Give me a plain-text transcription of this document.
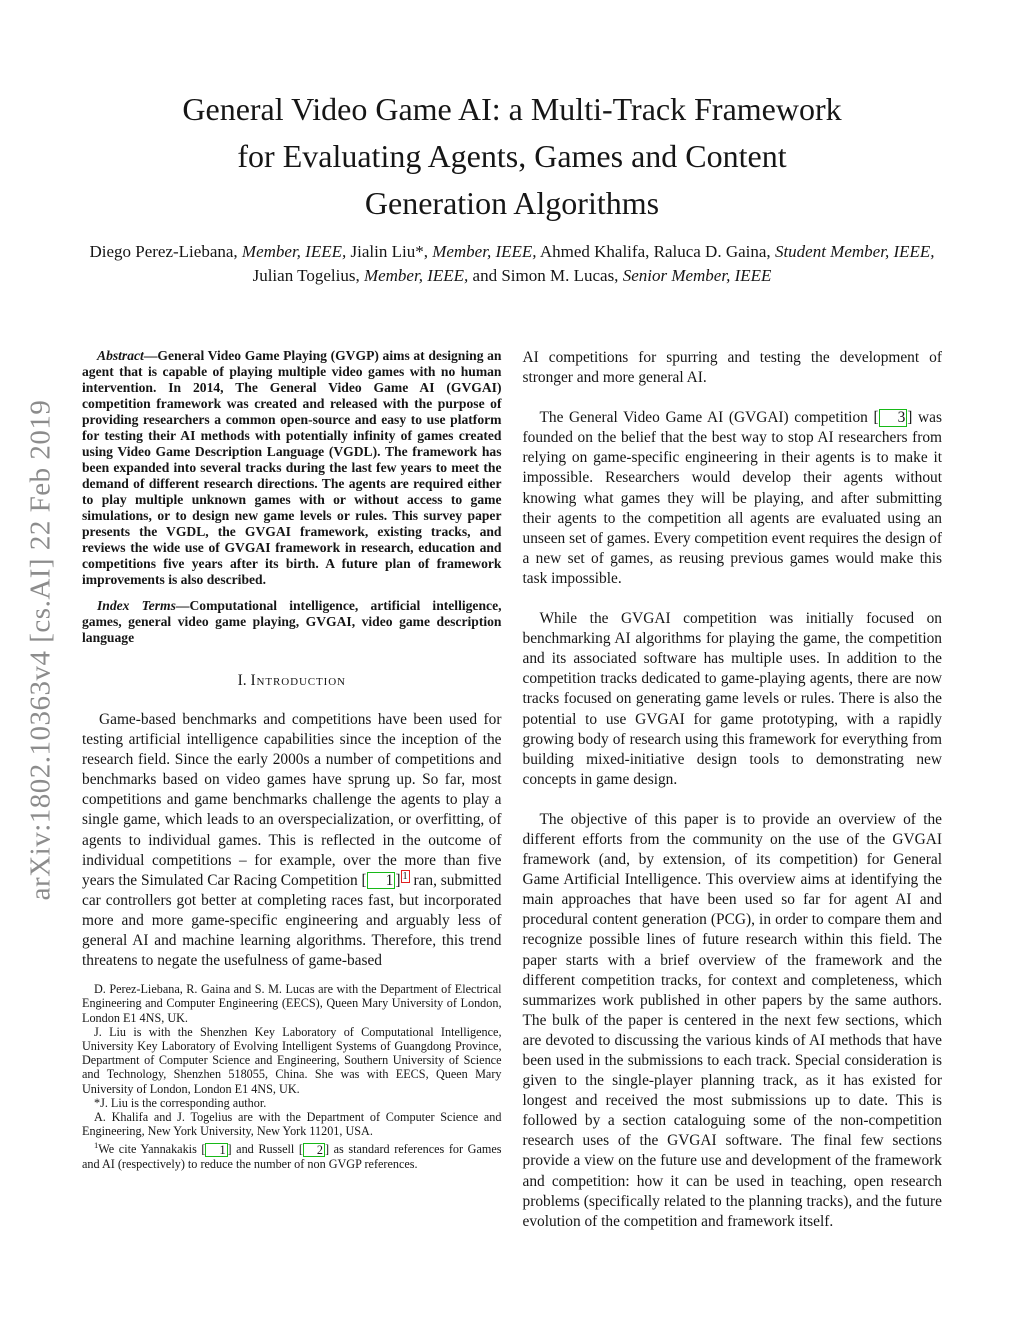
arXiv:1802.10363v4 [cs.AI] 22 Feb 2019
General Video Game AI: a Multi-Track Framework
for Evaluating Agents, Games and Content
Generation Algorithms

Diego Perez-Liebana, Member, IEEE, Jialin Liu*, Member, IEEE, Ahmed Khalifa, Raluca D. Gaina, Student Member, IEEE, Julian Togelius, Member, IEEE, and Simon M. Lucas, Senior Member, IEEE

Abstract—General Video Game Playing (GVGP) aims at designing an agent that is capable of playing multiple video games with no human intervention. In 2014, The General Video Game AI (GVGAI) competition framework was created and released with the purpose of providing researchers a common open-source and easy to use platform for testing their AI methods with potentially infinity of games created using Video Game Description Language (VGDL). The framework has been expanded into several tracks during the last few years to meet the demand of different research directions. The agents are required either to play multiple unknown games with or without access to game simulations, or to design new game levels or rules. This survey paper presents the VGDL, the GVGAI framework, existing tracks, and reviews the wide use of GVGAI framework in research, education and competitions five years after its birth. A future plan of framework improvements is also described.

Index Terms—Computational intelligence, artificial intelligence, games, general video game playing, GVGAI, video game description language

I. Introduction

Game-based benchmarks and competitions have been used for testing artificial intelligence capabilities since the inception of the research field. Since the early 2000s a number of competitions and benchmarks based on video games have sprung up. So far, most competitions and game benchmarks challenge the agents to play a single game, which leads to an overspecialization, or overfitting, of agents to individual games. This is reflected in the outcome of individual competitions – for example, over the more than five years the Simulated Car Racing Competition [ 1 ] $^1$ ran, submitted car controllers got better at completing races fast, but incorporated more and more game-specific engineering and arguably less of general AI and machine learning algorithms. Therefore, this trend threatens to negate the usefulness of game-based

D. Perez-Liebana, R. Gaina and S. M. Lucas are with the Department of Electrical Engineering and Computer Engineering (EECS), Queen Mary University of London, London E1 4NS, UK.

J. Liu is with the Shenzhen Key Laboratory of Computational Intelligence, University Key Laboratory of Evolving Intelligent Systems of Guangdong Province, Department of Computer Science and Engineering, Southern University of Science and Technology, Shenzhen 518055, China. She was with EECS, Queen Mary University of London, London E1 4NS, UK.

*J. Liu is the corresponding author.

A. Khalifa and J. Togelius are with the Department of Computer Science and Engineering, New York University, New York 11201, USA.

$^1$We cite Yannakakis [ 1 ] and Russell [ 2 ] as standard references for Games and AI (respectively) to reduce the number of non GVGP references.

AI competitions for spurring and testing the development of stronger and more general AI.

The General Video Game AI (GVGAI) competition [ 3 ] was founded on the belief that the best way to stop AI researchers from relying on game-specific engineering in their agents is to make it impossible. Researchers would develop their agents without knowing what games they will be playing, and after submitting their agents to the competition all agents are evaluated using an unseen set of games. Every competition event requires the design of a new set of games, as reusing previous games would make this task impossible.

While the GVGAI competition was initially focused on benchmarking AI algorithms for playing the game, the competition and its associated software has multiple uses. In addition to the competition tracks dedicated to game-playing agents, there are now tracks focused on generating game levels or rules. There is also the potential to use GVGAI for game prototyping, with a rapidly growing body of research using this framework for everything from building mixed-initiative design tools to demonstrating new concepts in game design.

The objective of this paper is to provide an overview of the different efforts from the community on the use of the GVGAI framework (and, by extension, of its competition) for General Game Artificial Intelligence. This overview aims at identifying the main approaches that have been used so far for agent AI and procedural content generation (PCG), in order to compare them and recognize possible lines of future research within this field. The paper starts with a brief overview of the framework and the different competition tracks, for context and completeness, which summarizes work published in other papers by the same authors. The bulk of the paper is centered in the next few sections, which are devoted to discussing the various kinds of AI methods that have been used in the submissions to each track. Special consideration is given to the single-player planning track, as it has existed for longest and received the most submissions up to date. This is followed by a section cataloguing some of the non-competition research uses of the GVGAI software. The final few sections provide a view on the future use and development of the framework and competition: how it can be used in teaching, open research problems (specifically related to the planning tracks), and the future evolution of the competition and framework itself.
